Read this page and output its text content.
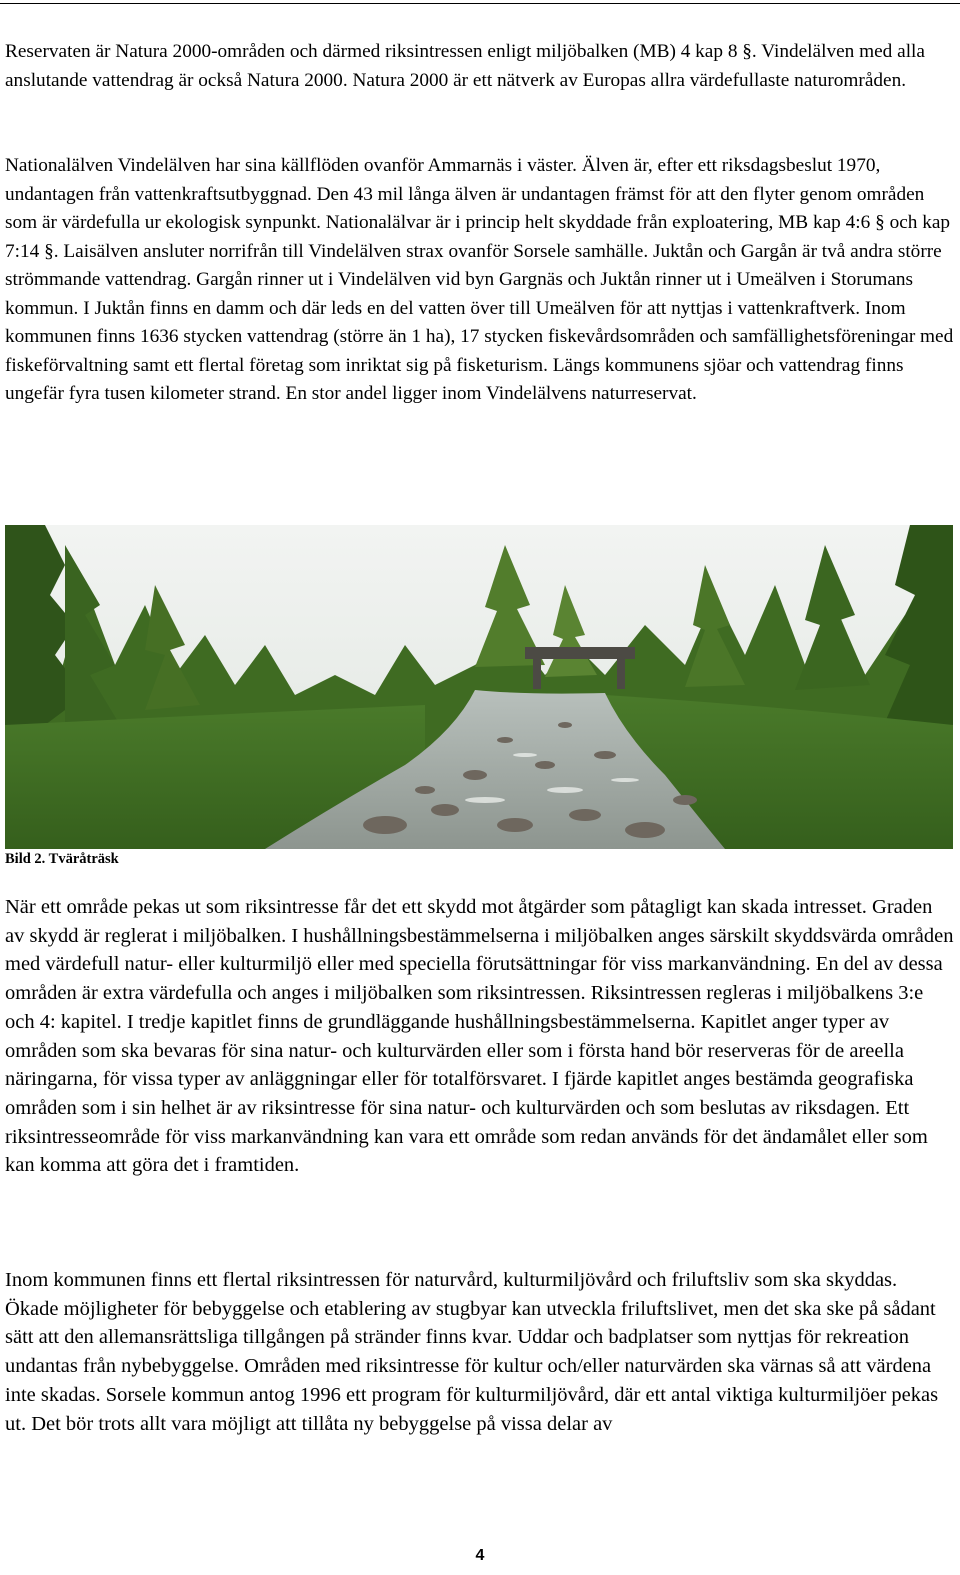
Reservaten är Natura 2000-områden och därmed riksintressen enligt miljöbalken (MB) 4 kap 8 §. Vindelälven med alla anslutande vattendrag är också Natura 2000. Natura 2000 är ett nätverk av Europas allra värdefullaste naturområden.

Nationalälven Vindelälven har sina källflöden ovanför Ammarnäs i väster. Älven är, efter ett riksdagsbeslut 1970, undantagen från vattenkraftsutbyggnad. Den 43 mil långa älven är undantagen främst för att den flyter genom områden som är värdefulla ur ekologisk synpunkt. Nationalälvar är i princip helt skyddade från exploatering, MB kap 4:6 § och kap 7:14 §. Laisälven ansluter norrifrån till Vindelälven strax ovanför Sorsele samhälle. Juktån och Gargån är två andra större strömmande vattendrag. Gargån rinner ut i Vindelälven vid byn Gargnäs och Juktån rinner ut i Umeälven i Storumans kommun. I Juktån finns en damm och där leds en del vatten över till Umeälven för att nyttjas i vattenkraftverk. Inom kommunen finns 1636 stycken vattendrag (större än 1 ha), 17 stycken fiskevårdsområden och samfällighetsföreningar med fiskeförvaltning samt ett flertal företag som inriktat sig på fisketurism. Längs kommunens sjöar och vattendrag finns ungefär fyra tusen kilometer strand. En stor andel ligger inom Vindelälvens naturreservat.

Bild 2. Tväråträsk

När ett område pekas ut som riksintresse får det ett skydd mot åtgärder som påtagligt kan skada intresset. Graden av skydd är reglerat i miljöbalken. I hushållningsbestämmelserna i miljöbalken anges särskilt skyddsvärda områden med värdefull natur- eller kulturmiljö eller med speciella förutsättningar för viss markanvändning. En del av dessa områden är extra värdefulla och anges i miljöbalken som riksintressen. Riksintressen regleras i miljöbalkens 3:e och 4: kapitel. I tredje kapitlet finns de grundläggande hushållningsbestämmelserna. Kapitlet anger typer av områden som ska bevaras för sina natur- och kulturvärden eller som i första hand bör reserveras för de areella näringarna, för vissa typer av anläggningar eller för totalförsvaret. I fjärde kapitlet anges bestämda geografiska områden som i sin helhet är av riksintresse för sina natur- och kulturvärden och som beslutas av riksdagen. Ett riksintresseområde för viss markanvändning kan vara ett område som redan används för det ändamålet eller som kan komma att göra det i framtiden.

Inom kommunen finns ett flertal riksintressen för naturvård, kulturmiljövård och friluftsliv som ska skyddas. Ökade möjligheter för bebyggelse och etablering av stugbyar kan utveckla friluftslivet, men det ska ske på sådant sätt att den allemansrättsliga tillgången på stränder finns kvar. Uddar och badplatser som nyttjas för rekreation undantas från nybebyggelse. Områden med riksintresse för kultur och/eller naturvärden ska värnas så att värdena inte skadas. Sorsele kommun antog 1996 ett program för kulturmiljövård, där ett antal viktiga kulturmiljöer pekas ut. Det bör trots allt vara möjligt att tillåta ny bebyggelse på vissa delar av

4
